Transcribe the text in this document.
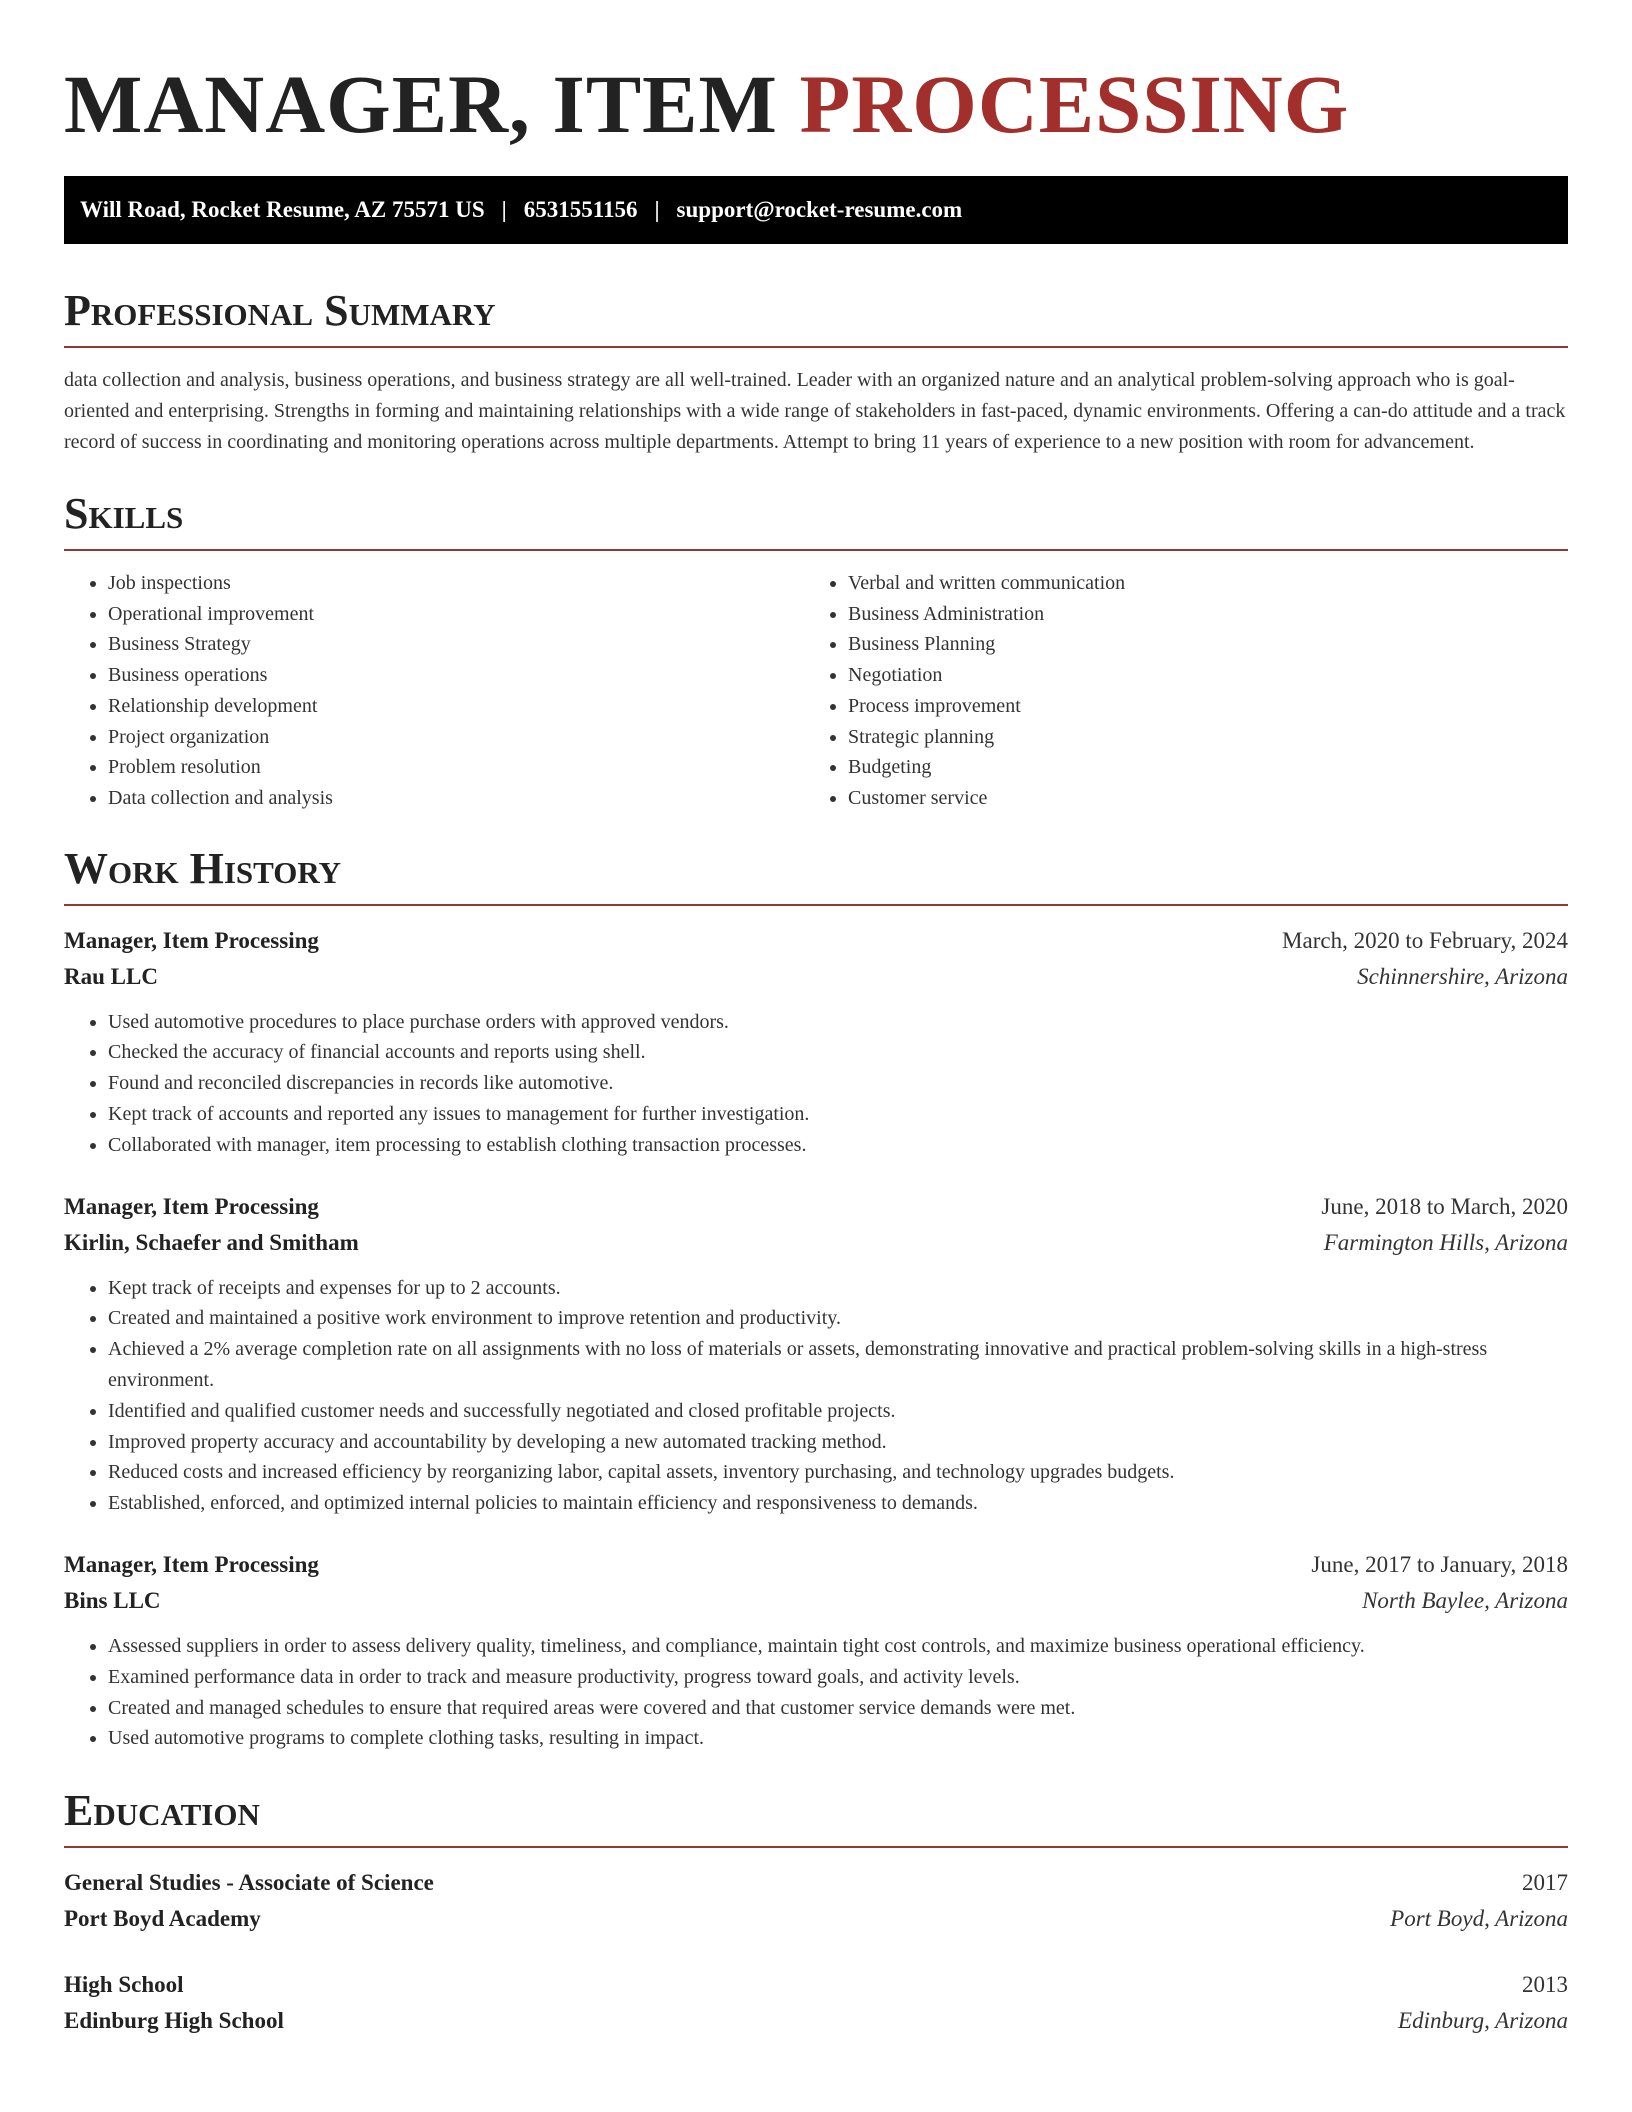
MANAGER, ITEM PROCESSING
Will Road, Rocket Resume, AZ 75571 US | 6531551156 | support@rocket-resume.com
Professional Summary

data collection and analysis, business operations, and business strategy are all well-trained. Leader with an organized nature and an analytical problem-solving approach who is goal-oriented and enterprising. Strengths in forming and maintaining relationships with a wide range of stakeholders in fast-paced, dynamic environments. Offering a can-do attitude and a track record of success in coordinating and monitoring operations across multiple departments. Attempt to bring 11 years of experience to a new position with room for advancement.

Skills
• Job inspections
• Operational improvement
• Business Strategy
• Business operations
• Relationship development
• Project organization
• Problem resolution
• Data collection and analysis
• Verbal and written communication
• Business Administration
• Business Planning
• Negotiation
• Process improvement
• Strategic planning
• Budgeting
• Customer service
Work History
Manager, Item Processing	March, 2020 to February, 2024
Rau LLC	Schinnershire, Arizona
• Used automotive procedures to place purchase orders with approved vendors.
• Checked the accuracy of financial accounts and reports using shell.
• Found and reconciled discrepancies in records like automotive.
• Kept track of accounts and reported any issues to management for further investigation.
• Collaborated with manager, item processing to establish clothing transaction processes.
Manager, Item Processing	June, 2018 to March, 2020
Kirlin, Schaefer and Smitham	Farmington Hills, Arizona
• Kept track of receipts and expenses for up to 2 accounts.
• Created and maintained a positive work environment to improve retention and productivity.
• Achieved a 2% average completion rate on all assignments with no loss of materials or assets, demonstrating innovative and practical problem-solving skills in a high-stress environment.
• Identified and qualified customer needs and successfully negotiated and closed profitable projects.
• Improved property accuracy and accountability by developing a new automated tracking method.
• Reduced costs and increased efficiency by reorganizing labor, capital assets, inventory purchasing, and technology upgrades budgets.
• Established, enforced, and optimized internal policies to maintain efficiency and responsiveness to demands.
Manager, Item Processing	June, 2017 to January, 2018
Bins LLC	North Baylee, Arizona
• Assessed suppliers in order to assess delivery quality, timeliness, and compliance, maintain tight cost controls, and maximize business operational efficiency.
• Examined performance data in order to track and measure productivity, progress toward goals, and activity levels.
• Created and managed schedules to ensure that required areas were covered and that customer service demands were met.
• Used automotive programs to complete clothing tasks, resulting in impact.
Education
General Studies - Associate of Science	2017
Port Boyd Academy	Port Boyd, Arizona
High School	2013
Edinburg High School	Edinburg, Arizona
